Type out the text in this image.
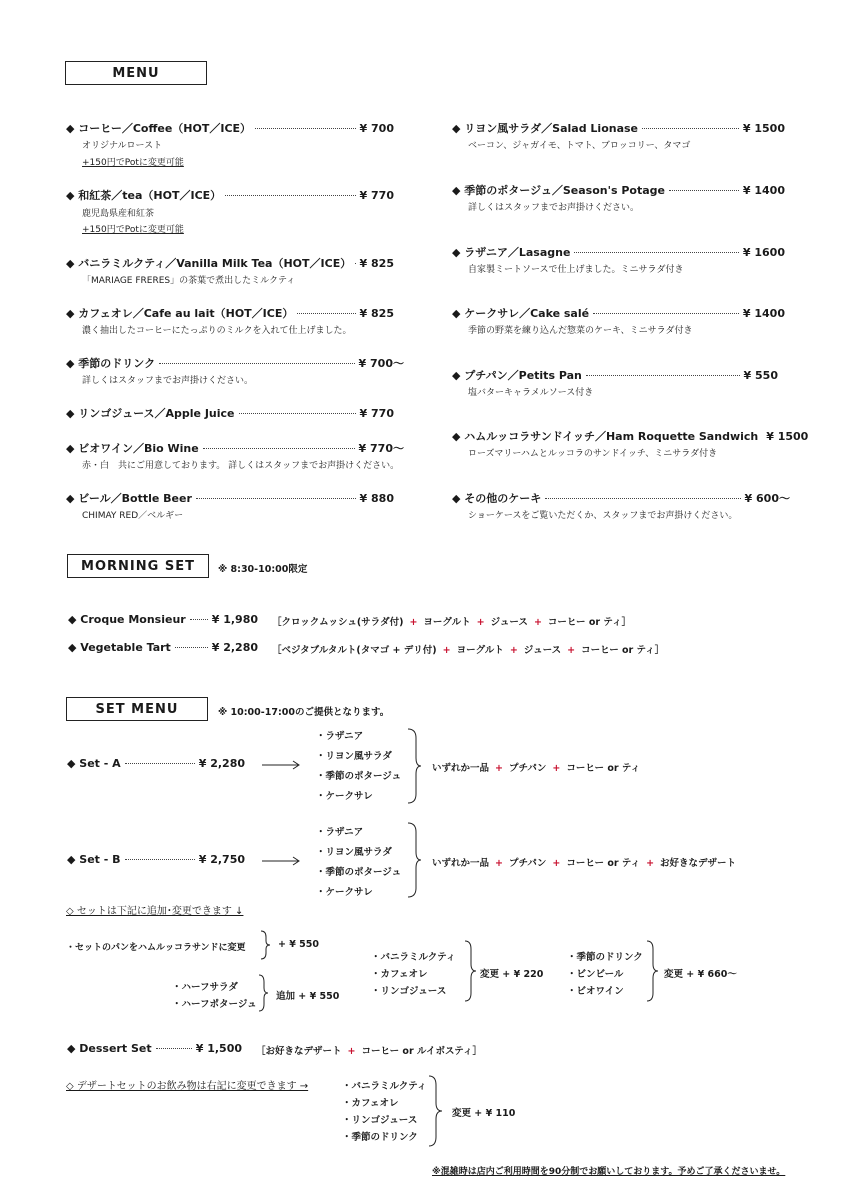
MENU
◆ コーヒー／Coffee（HOT／ICE）	¥ 700
オリジナルロースト
+150円でPotに変更可能
◆ 和紅茶／tea（HOT／ICE）	¥ 770
鹿児島県産和紅茶
+150円でPotに変更可能
◆ バニラミルクティ／Vanilla Milk Tea（HOT／ICE） ¥ 825
「MARIAGE FRERES」の茶葉で煮出したミルクティ
◆ カフェオレ／Cafe au lait（HOT／ICE）	¥ 825
濃く抽出したコーヒーにたっぷりのミルクを入れて仕上げました。
◆ 季節のドリンク	¥ 700〜
詳しくはスタッフまでお声掛けください。
◆ リンゴジュース／Apple Juice	¥ 770
◆ ビオワイン／Bio Wine	¥ 770〜
赤・白　共にご用意しております。 詳しくはスタッフまでお声掛けください。
◆ ビール／Bottle Beer	¥ 880
CHIMAY RED／ベルギー
◆ リヨン風サラダ／Salad Lionase	¥ 1500
ベーコン、ジャガイモ、トマト、ブロッコリー、タマゴ
◆ 季節のポタージュ／Season's Potage	¥ 1400
詳しくはスタッフまでお声掛けください。
◆ ラザニア／Lasagne	¥ 1600
自家製ミートソースで仕上げました。ミニサラダ付き
◆ ケークサレ／Cake salé	¥ 1400
季節の野菜を練り込んだ惣菜のケーキ、ミニサラダ付き
◆ プチパン／Petits Pan	¥ 550
塩バターキャラメルソース付き
◆ ハムルッコラサンドイッチ／Ham Roquette Sandwich ¥ 1500
ローズマリーハムとルッコラのサンドイッチ、ミニサラダ付き
◆ その他のケーキ	¥ 600〜
ショーケースをご覧いただくか、スタッフまでお声掛けください。
MORNING SET	※ 8:30-10:00限定
◆ Croque Monsieur ¥ 1,980 ［クロックムッシュ(サラダ付) + ヨーグルト + ジュース + コーヒー or ティ］
◆ Vegetable Tart	¥ 2,280 ［ベジタブルタルト(タマゴ + デリ付) + ヨーグルト + ジュース + コーヒー or ティ］
SET MENU	※ 10:00-17:00のご提供となります。
◆ Set - A	¥ 2,280
・ラザニア
・リヨン風サラダ
・季節のポタージュ
・ケークサレ
いずれか一品 + プチパン + コーヒー or ティ
◆ Set - B	¥ 2,750
・ラザニア
・リヨン風サラダ
・季節のポタージュ
・ケークサレ
いずれか一品 + プチパン + コーヒー or ティ + お好きなデザート
◇ セットは下記に追加･変更できます ↓
・セットのパンをハムルッコラサンドに変更	+ ¥ 550
・ハーフサラダ
・ハーフポタージュ
追加 + ¥ 550
・バニラミルクティ
・カフェオレ
・リンゴジュース
変更 + ¥ 220
・季節のドリンク
・ビンビール
・ビオワイン
変更 + ¥ 660〜
◆ Dessert Set	¥ 1,500 ［お好きなデザート + コーヒー or ルイボスティ］
◇ デザートセットのお飲み物は右記に変更できます →	・バニラミルクティ
・カフェオレ
・リンゴジュース
・季節のドリンク
変更 + ¥ 110
※混雑時は店内ご利用時間を90分制でお願いしております。予めご了承くださいませ。
